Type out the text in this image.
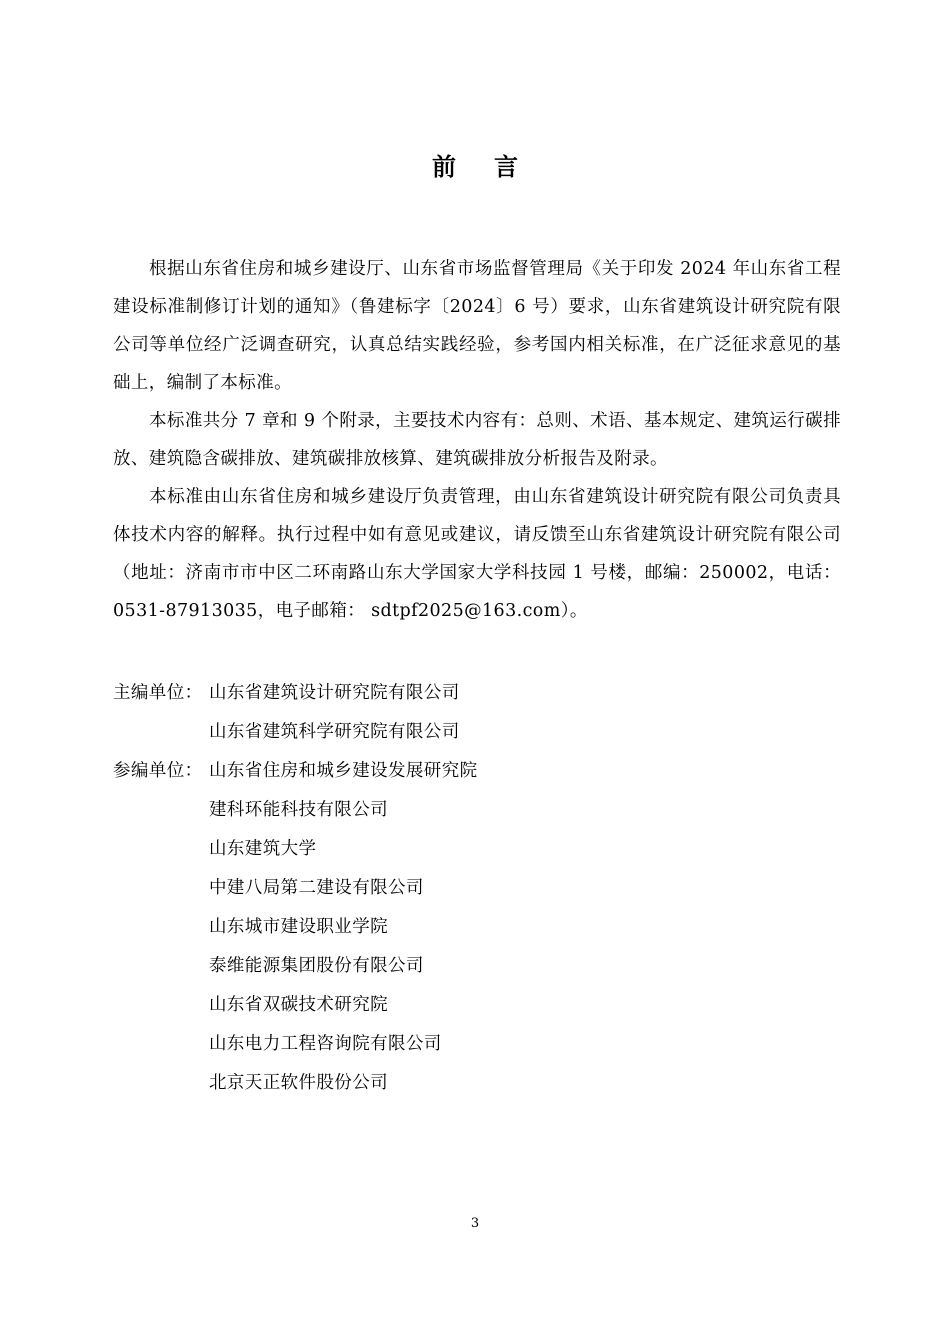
前言

根据山东省住房和城乡建设厅、山东省市场监督管理局《关于印发 2024 年山东省工程建设标准制修订计划的通知》（鲁建标字〔2024〕6 号）要求，山东省建筑设计研究院有限公司等单位经广泛调查研究，认真总结实践经验，参考国内相关标准，在广泛征求意见的基础上，编制了本标准。

本标准共分 7 章和 9 个附录，主要技术内容有：总则、术语、基本规定、建筑运行碳排放、建筑隐含碳排放、建筑碳排放核算、建筑碳排放分析报告及附录。

本标准由山东省住房和城乡建设厅负责管理，由山东省建筑设计研究院有限公司负责具体技术内容的解释。执行过程中如有意见或建议，请反馈至山东省建筑设计研究院有限公司（地址：济南市市中区二环南路山东大学国家大学科技园 1 号楼，邮编：250002，电话：0531-87913035，电子邮箱： sdtpf2025@163.com）。

主编单位： 山东省建筑设计研究院有限公司
山东省建筑科学研究院有限公司
参编单位： 山东省住房和城乡建设发展研究院
建科环能科技有限公司
山东建筑大学
中建八局第二建设有限公司
山东城市建设职业学院
泰维能源集团股份有限公司
山东省双碳技术研究院
山东电力工程咨询院有限公司
北京天正软件股份公司
3
